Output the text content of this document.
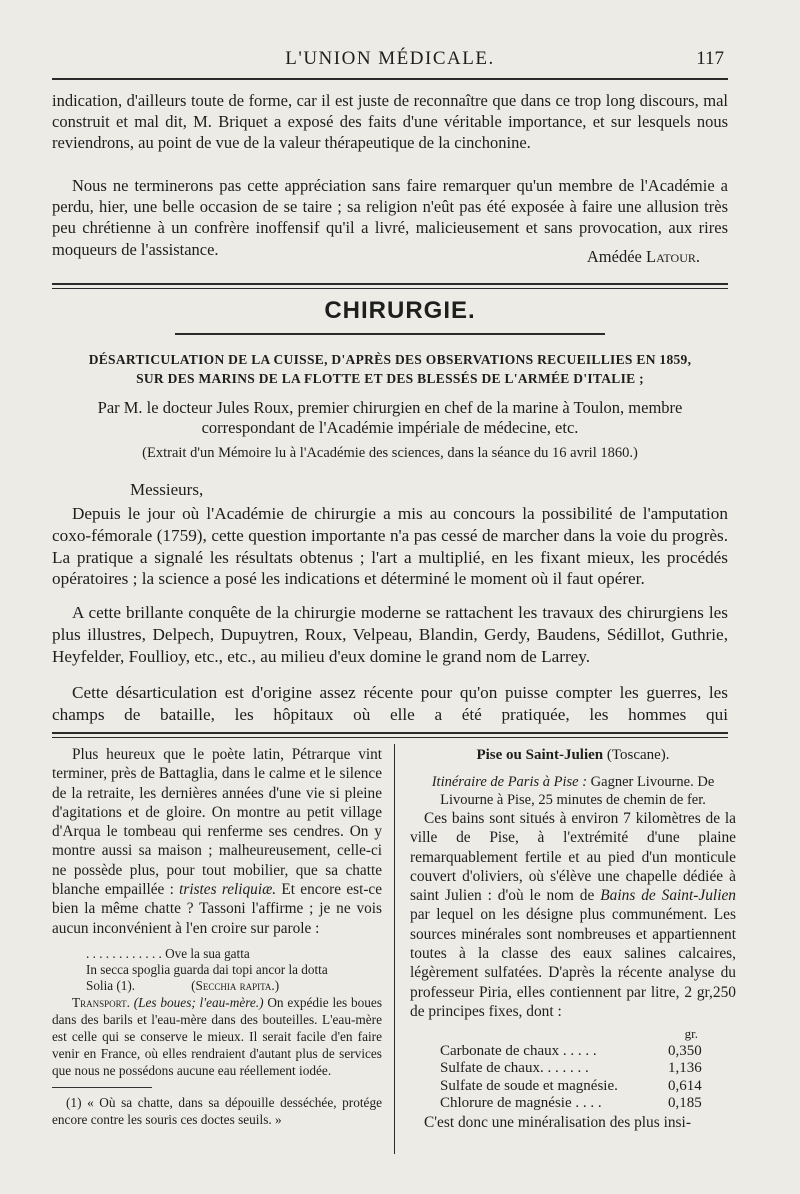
L'UNION MÉDICALE.	117

indication, d'ailleurs toute de forme, car il est juste de reconnaître que dans ce trop long discours, mal construit et mal dit, M. Briquet a exposé des faits d'une véritable importance, et sur lesquels nous reviendrons, au point de vue de la valeur thérapeutique de la cinchonine.

Nous ne terminerons pas cette appréciation sans faire remarquer qu'un membre de l'Académie a perdu, hier, une belle occasion de se taire ; sa religion n'eût pas été exposée à faire une allusion très peu chrétienne à un confrère inoffensif qu'il a livré, malicieusement et sans provocation, aux rires moqueurs de l'assistance.	Amédée Latour.
CHIRURGIE.
DÉSARTICULATION DE LA CUISSE, D'APRÈS DES OBSERVATIONS RECUEILLIES EN 1859,
SUR DES MARINS DE LA FLOTTE ET DES BLESSÉS DE L'ARMÉE D'ITALIE ;
Par M. le docteur Jules Roux, premier chirurgien en chef de la marine à Toulon, membre
correspondant de l'Académie impériale de médecine, etc.
(Extrait d'un Mémoire lu à l'Académie des sciences, dans la séance du 16 avril 1860.)
Messieurs,

Depuis le jour où l'Académie de chirurgie a mis au concours la possibilité de l'amputation coxo-fémorale (1759), cette question importante n'a pas cessé de marcher dans la voie du progrès. La pratique a signalé les résultats obtenus ; l'art a multiplié, en les fixant mieux, les procédés opératoires ; la science a posé les indications et déterminé le moment où il faut opérer.

A cette brillante conquête de la chirurgie moderne se rattachent les travaux des chirurgiens les plus illustres, Delpech, Dupuytren, Roux, Velpeau, Blandin, Gerdy, Baudens, Sédillot, Guthrie, Heyfelder, Foullioy, etc., etc., au milieu d'eux domine le grand nom de Larrey.

Cette désarticulation est d'origine assez récente pour qu'on puisse compter les guerres, les champs de bataille, les hôpitaux où elle a été pratiquée, les hommes qui

Plus heureux que le poète latin, Pétrarque vint terminer, près de Battaglia, dans le calme et le silence de la retraite, les dernières années d'une vie si pleine d'agitations et de gloire. On montre au petit village d'Arqua le tombeau qui renferme ses cendres. On y montre aussi sa maison ; malheureusement, celle-ci ne possède plus, pour tout mobilier, que sa chatte blanche empaillée : tristes reliquiæ. Et encore est-ce bien la même chatte ? Tassoni l'affirme ; je ne vois aucun inconvénient à l'en croire sur parole :

. . . . . . . . . . . . Ove la sua gatta
In secca spoglia guarda dai topi ancor la dotta
Solia (1).	(Secchia rapita.)

Transport. (Les boues; l'eau-mère.) On expédie les boues dans des barils et l'eau-mère dans des bouteilles. L'eau-mère est celle qui se conserve le mieux. Il serait facile d'en faire venir en France, où elles rendraient d'autant plus de services que nous ne possédons aucune eau réellement iodée.

(1) « Où sa chatte, dans sa dépouille desséchée, protége encore contre les souris ces doctes seuils. »

Pise ou Saint-Julien (Toscane).
Itinéraire de Paris à Pise : Gagner Livourne. De Livourne à Pise, 25 minutes de chemin de fer.

Ces bains sont situés à environ 7 kilomètres de la ville de Pise, à l'extrémité d'une plaine remarquablement fertile et au pied d'un monticule couvert d'oliviers, où s'élève une chapelle dédiée à saint Julien : d'où le nom de Bains de Saint-Julien par lequel on les désigne plus communément. Les sources minérales sont nombreuses et appartiennent toutes à la classe des eaux salines calcaires, légèrement sulfatées. D'après la récente analyse du professeur Piria, elles contiennent par litre, 2 gr,250 de principes fixes, dont :

gr.
Carbonate de chaux . . . . .	0,350
Sulfate de chaux. . . . . . .	1,136
Sulfate de soude et magnésie.	0,614
Chlorure de magnésie . . . .	0,185

C'est donc une minéralisation des plus insi-
